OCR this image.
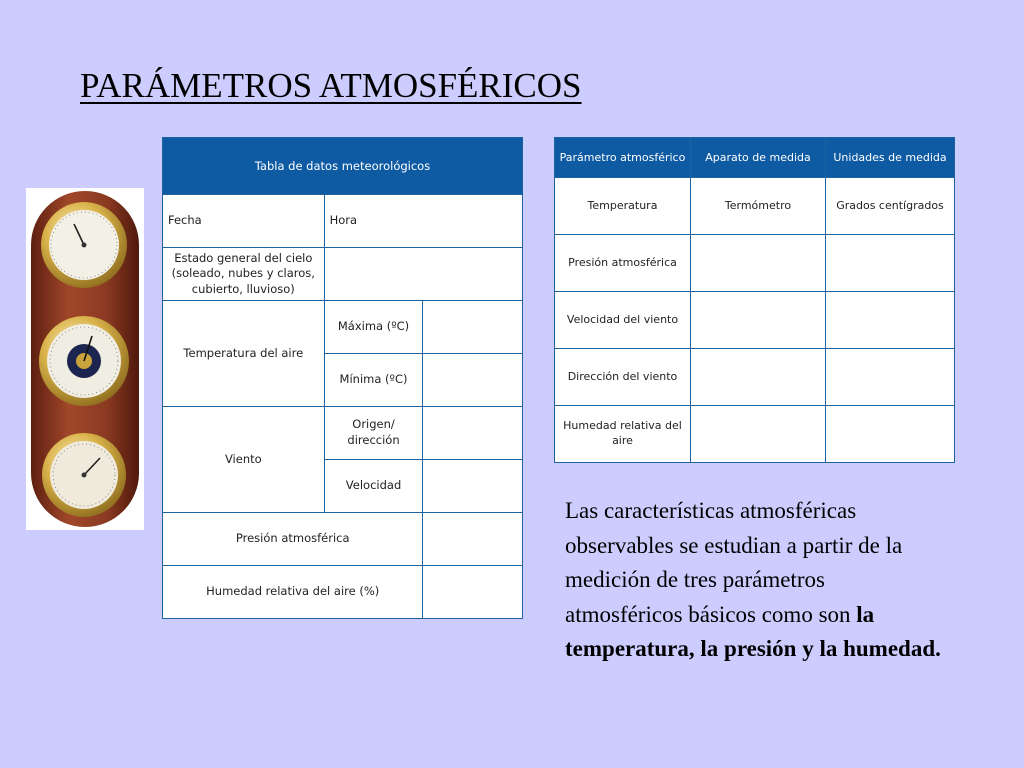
PARÁMETROS ATMOSFÉRICOS
Tabla de datos meteorológicos		
Fecha	Hora	
Estado general del cielo (soleado, nubes y claros, cubierto, lluvioso)		
Temperatura del aire	Máxima (ºC)	
	Mínima (ºC)	
Viento	Origen/ dirección	
	Velocidad	
Presión atmosférica		
Humedad relativa del aire (%)		
Parámetro atmosférico	Aparato de medida	Unidades de medida
Temperatura	Termómetro	Grados centígrados
Presión atmosférica		
Velocidad del viento		
Dirección del viento		
Humedad relativa del aire		

Las características atmosféricas observables se estudian a partir de la medición de tres parámetros atmosféricos básicos como son la temperatura, la presión y la humedad.
